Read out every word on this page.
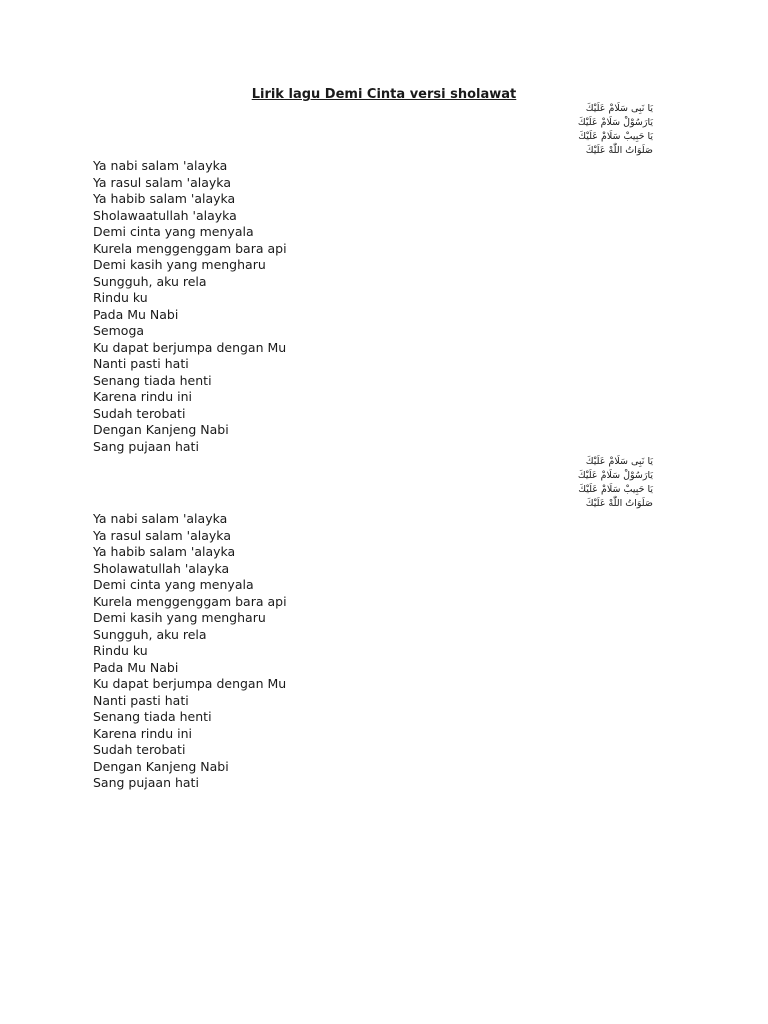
Lirik lagu Demi Cinta versi sholawat
يَا نَبِى سَلَامْ عَلَيْكَ
يَارَسُوْلْ سَلَامْ عَلَيْكَ
يَا حَبِيبْ سَلَامْ عَلَيْكَ
صَلَوَاتُ اللّٰهْ عَلَيْكَ
Ya nabi salam 'alayka
Ya rasul salam 'alayka
Ya habib salam 'alayka
Sholawaatullah 'alayka
Demi cinta yang menyala
Kurela menggenggam bara api
Demi kasih yang mengharu
Sungguh, aku rela
Rindu ku
Pada Mu Nabi
Semoga
Ku dapat berjumpa dengan Mu
Nanti pasti hati
Senang tiada henti
Karena rindu ini
Sudah terobati
Dengan Kanjeng Nabi
Sang pujaan hati
يَا نَبِى سَلَامْ عَلَيْكَ
يَارَسُوْلْ سَلَامْ عَلَيْكَ
يَا حَبِيبْ سَلَامْ عَلَيْكَ
صَلَوَاتُ اللّٰهْ عَلَيْكَ
Ya nabi salam 'alayka
Ya rasul salam 'alayka
Ya habib salam 'alayka
Sholawatullah 'alayka
Demi cinta yang menyala
Kurela menggenggam bara api
Demi kasih yang mengharu
Sungguh, aku rela
Rindu ku
Pada Mu Nabi
Ku dapat berjumpa dengan Mu
Nanti pasti hati
Senang tiada henti
Karena rindu ini
Sudah terobati
Dengan Kanjeng Nabi
Sang pujaan hati
